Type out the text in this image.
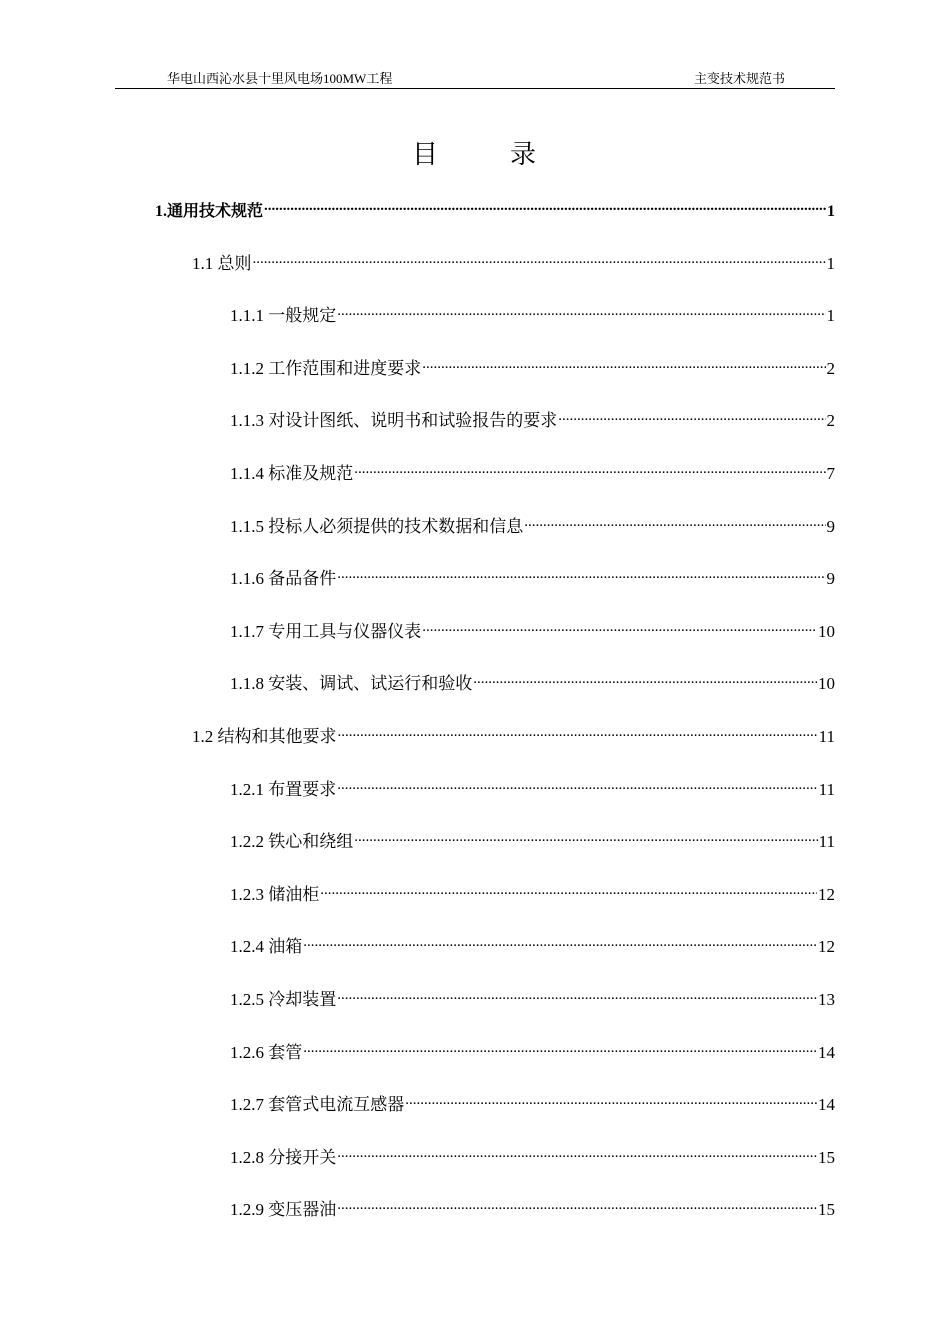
华电山西沁水县十里风电场100MW工程	主变技术规范书
目	录
1.通用技术规范 .....	1
1.1 总则 .....	1
1.1.1 一般规定 .....	1
1.1.2 工作范围和进度要求 .....	2
1.1.3 对设计图纸、说明书和试验报告的要求 .....	2
1.1.4 标准及规范 .....	7
1.1.5 投标人必须提供的技术数据和信息 .....	9
1.1.6 备品备件 .....	9
1.1.7 专用工具与仪器仪表 .....	10
1.1.8 安装、调试、试运行和验收 .....	10
1.2 结构和其他要求 .....	11
1.2.1 布置要求 .....	11
1.2.2 铁心和绕组 .....	11
1.2.3 储油柜 .....	12
1.2.4 油箱 .....	12
1.2.5 冷却装置 .....	13
1.2.6 套管 .....	14
1.2.7 套管式电流互感器 .....	14
1.2.8 分接开关 .....	15
1.2.9 变压器油 .....	15
